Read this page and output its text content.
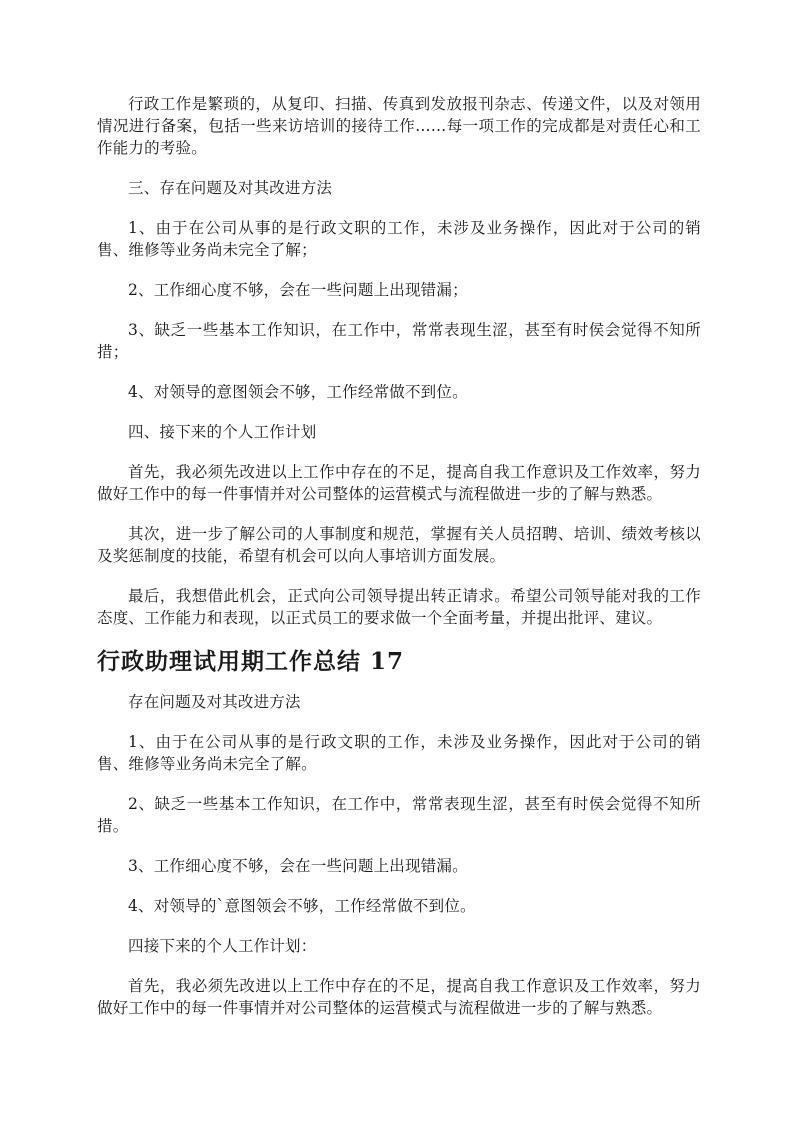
行政工作是繁琐的，从复印、扫描、传真到发放报刊杂志、传递文件，以及对领用情况进行备案，包括一些来访培训的接待工作……每一项工作的完成都是对责任心和工作能力的考验。

三、存在问题及对其改进方法

1、由于在公司从事的是行政文职的工作，未涉及业务操作，因此对于公司的销售、维修等业务尚未完全了解；

2、工作细心度不够，会在一些问题上出现错漏；

3、缺乏一些基本工作知识，在工作中，常常表现生涩，甚至有时侯会觉得不知所措；

4、对领导的意图领会不够，工作经常做不到位。

四、接下来的个人工作计划

首先，我必须先改进以上工作中存在的不足，提高自我工作意识及工作效率，努力做好工作中的每一件事情并对公司整体的运营模式与流程做进一步的了解与熟悉。

其次，进一步了解公司的人事制度和规范，掌握有关人员招聘、培训、绩效考核以及奖惩制度的技能，希望有机会可以向人事培训方面发展。

最后，我想借此机会，正式向公司领导提出转正请求。希望公司领导能对我的工作态度、工作能力和表现，以正式员工的要求做一个全面考量，并提出批评、建议。

行政助理试用期工作总结 17

存在问题及对其改进方法

1、由于在公司从事的是行政文职的工作，未涉及业务操作，因此对于公司的销售、维修等业务尚未完全了解。

2、缺乏一些基本工作知识，在工作中，常常表现生涩，甚至有时侯会觉得不知所措。

3、工作细心度不够，会在一些问题上出现错漏。

4、对领导的`意图领会不够，工作经常做不到位。

四接下来的个人工作计划：

首先，我必须先改进以上工作中存在的不足，提高自我工作意识及工作效率，努力做好工作中的每一件事情并对公司整体的运营模式与流程做进一步的了解与熟悉。
